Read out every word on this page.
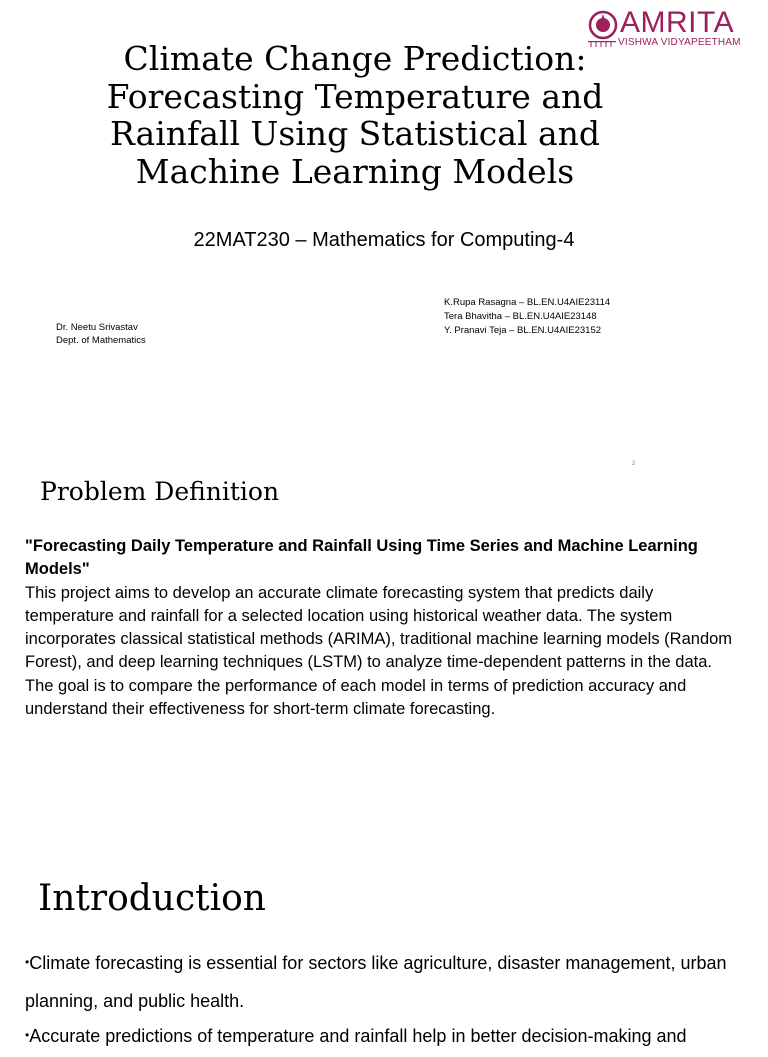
AMRITA
VISHWA VIDYAPEETHAM
Climate Change Prediction: Forecasting Temperature and Rainfall Using Statistical and Machine Learning Models
22MAT230 – Mathematics for Computing-4
Dr. Neetu Srivastav
Dept. of Mathematics
K.Rupa Rasagna – BL.EN.U4AIE23114
Tera Bhavitha – BL.EN.U4AIE23148
Y. Pranavi Teja – BL.EN.U4AIE23152
2
Problem Definition
"Forecasting Daily Temperature and Rainfall Using Time Series and Machine Learning Models"
This project aims to develop an accurate climate forecasting system that predicts daily temperature and rainfall for a selected location using historical weather data. The system incorporates classical statistical methods (ARIMA), traditional machine learning models (Random Forest), and deep learning techniques (LSTM) to analyze time-dependent patterns in the data. The goal is to compare the performance of each model in terms of prediction accuracy and understand their effectiveness for short-term climate forecasting.
Introduction

•Climate forecasting is essential for sectors like agriculture, disaster management, urban planning, and public health.

•Accurate predictions of temperature and rainfall help in better decision-making and
